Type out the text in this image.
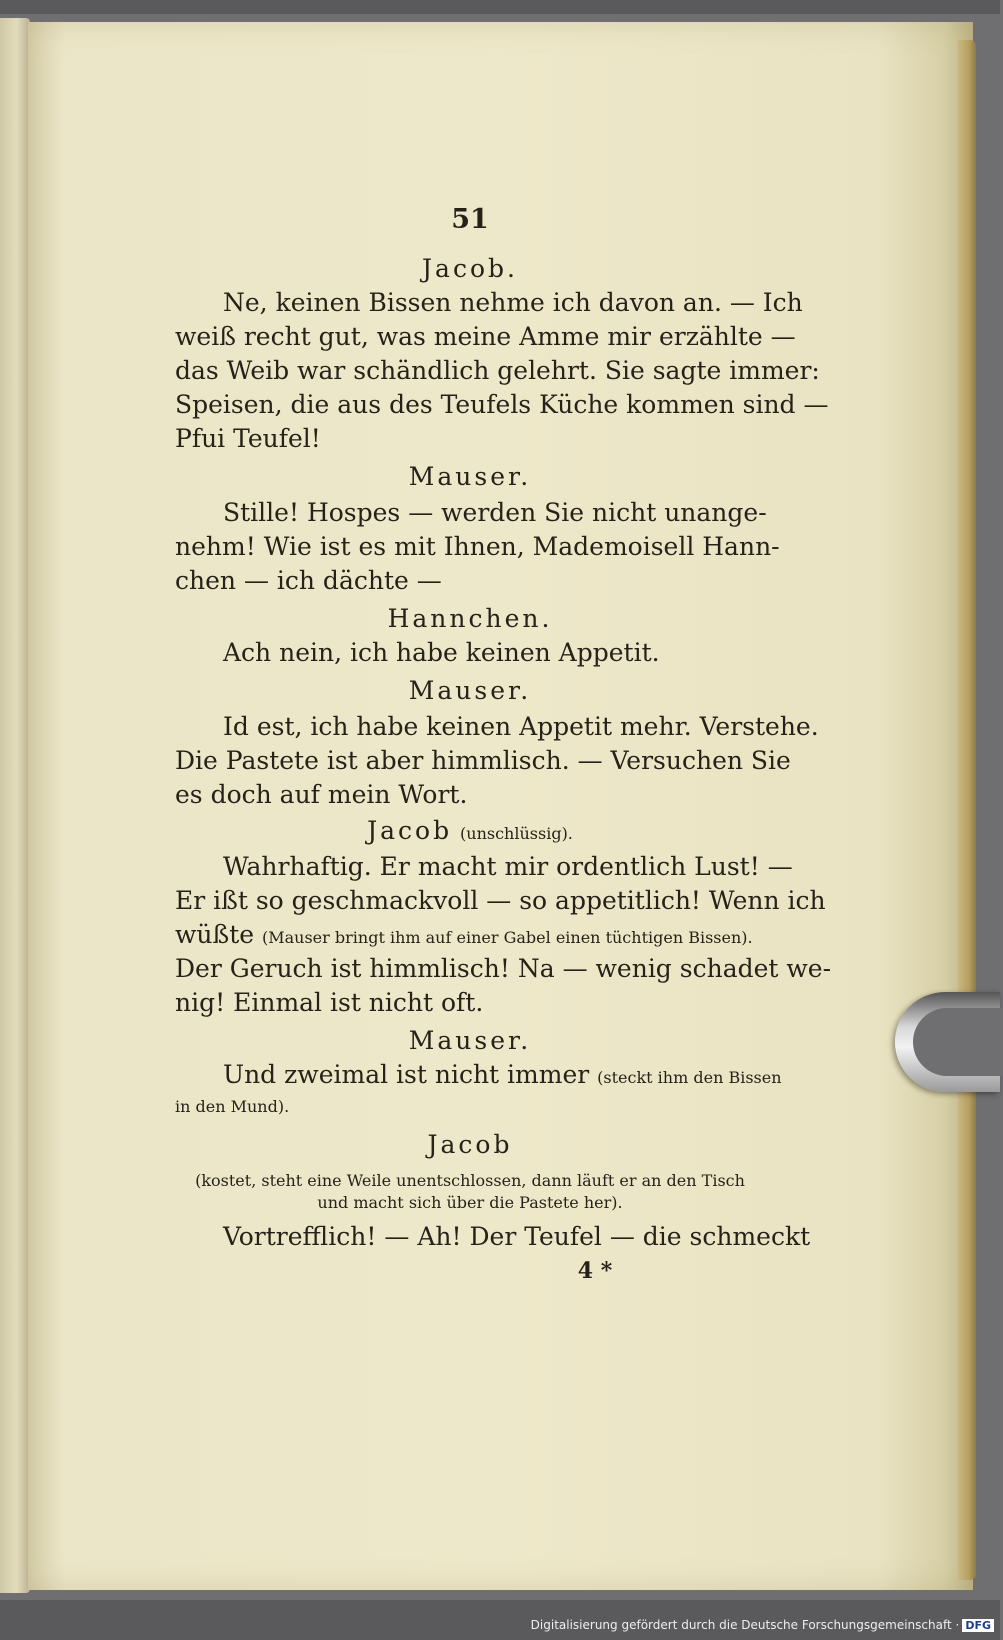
51
Jacob.
Ne, keinen Bissen nehme ich davon an. — Ich
weiß recht gut, was meine Amme mir erzählte —
das Weib war schändlich gelehrt. Sie sagte immer:
Speisen, die aus des Teufels Küche kommen sind —
Pfui Teufel!
Mauser.
Stille! Hospes — werden Sie nicht unange-
nehm! Wie ist es mit Ihnen, Mademoisell Hann-
chen — ich dächte —
Hannchen.
Ach nein, ich habe keinen Appetit.
Mauser.
Id est, ich habe keinen Appetit mehr. Verstehe.
Die Pastete ist aber himmlisch. — Versuchen Sie
es doch auf mein Wort.
Jacob (unschlüssig).
Wahrhaftig. Er macht mir ordentlich Lust! —
Er ißt so geschmackvoll — so appetitlich! Wenn ich
wüßte (Mauser bringt ihm auf einer Gabel einen tüchtigen Bissen).
Der Geruch ist himmlisch! Na — wenig schadet we-
nig! Einmal ist nicht oft.
Mauser.
Und zweimal ist nicht immer (steckt ihm den Bissen
in den Mund).
Jacob
(kostet, steht eine Weile unentschlossen, dann läuft er an den Tisch
und macht sich über die Pastete her).
Vortrefflich! — Ah! Der Teufel — die schmeckt
4 *
Digitalisierung gefördert durch die Deutsche Forschungsgemeinschaft · DFG
